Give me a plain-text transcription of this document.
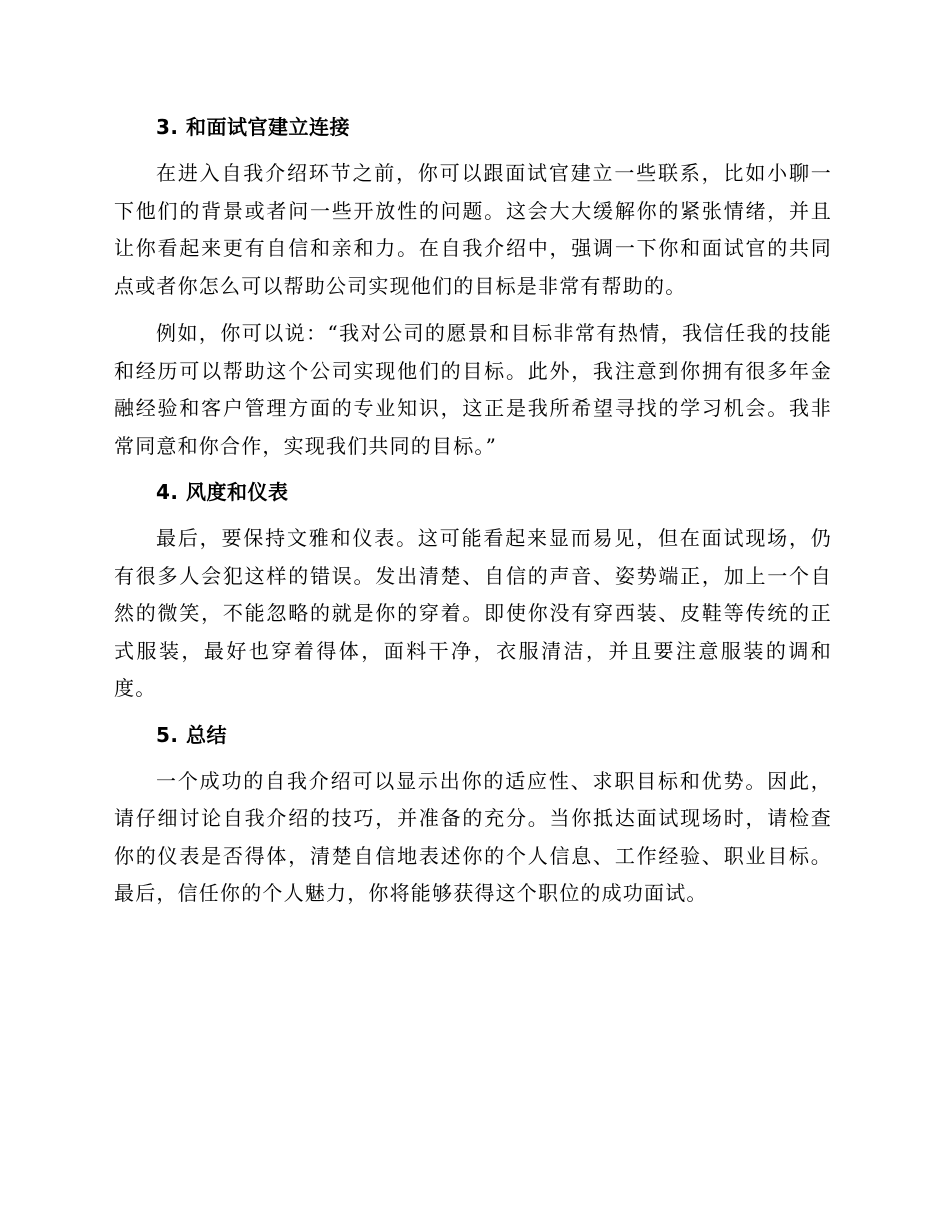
3. 和面试官建立连接

在进入自我介绍环节之前，你可以跟面试官建立一些联系，比如小聊一下他们的背景或者问一些开放性的问题。这会大大缓解你的紧张情绪，并且让你看起来更有自信和亲和力。在自我介绍中，强调一下你和面试官的共同点或者你怎么可以帮助公司实现他们的目标是非常有帮助的。

例如，你可以说：“我对公司的愿景和目标非常有热情，我信任我的技能和经历可以帮助这个公司实现他们的目标。此外，我注意到你拥有很多年金融经验和客户管理方面的专业知识，这正是我所希望寻找的学习机会。我非常同意和你合作，实现我们共同的目标。”

4. 风度和仪表

最后，要保持文雅和仪表。这可能看起来显而易见，但在面试现场，仍有很多人会犯这样的错误。发出清楚、自信的声音、姿势端正，加上一个自然的微笑，不能忽略的就是你的穿着。即使你没有穿西装、皮鞋等传统的正式服装，最好也穿着得体，面料干净，衣服清洁，并且要注意服装的调和度。

5. 总结

一个成功的自我介绍可以显示出你的适应性、求职目标和优势。因此，请仔细讨论自我介绍的技巧，并准备的充分。当你抵达面试现场时，请检查你的仪表是否得体，清楚自信地表述你的个人信息、工作经验、职业目标。最后，信任你的个人魅力，你将能够获得这个职位的成功面试。
